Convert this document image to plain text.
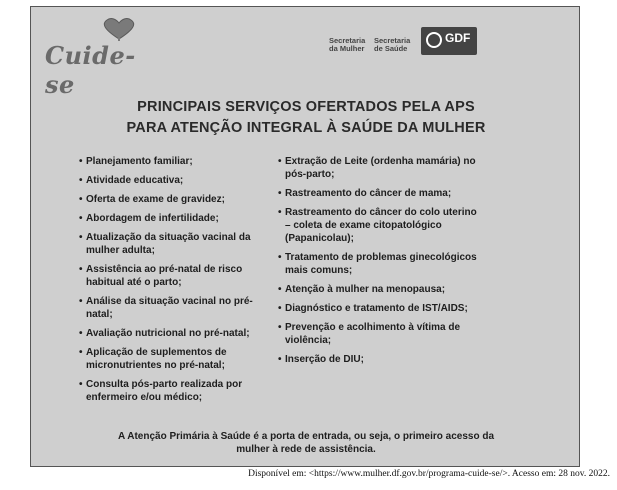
Cuide-se
Secretaria da Mulher
Secretaria de Saúde
GDF
PRINCIPAIS SERVIÇOS OFERTADOS PELA APS
PARA ATENÇÃO INTEGRAL À SAÚDE DA MULHER
• Planejamento familiar;
• Atividade educativa;
• Oferta de exame de gravidez;
• Abordagem de infertilidade;
• Atualização da situação vacinal da mulher adulta;
• Assistência ao pré-natal de risco habitual até o parto;
• Análise da situação vacinal no pré-natal;
• Avaliação nutricional no pré-natal;
• Aplicação de suplementos de micronutrientes no pré-natal;
• Consulta pós-parto realizada por enfermeiro e/ou médico;
• Extração de Leite (ordenha mamária) no pós-parto;
• Rastreamento do câncer de mama;
• Rastreamento do câncer do colo uterino – coleta de exame citopatológico (Papanicolau);
• Tratamento de problemas ginecológicos mais comuns;
• Atenção à mulher na menopausa;
• Diagnóstico e tratamento de IST/AIDS;
• Prevenção e acolhimento à vítima de violência;
• Inserção de DIU;
A Atenção Primária à Saúde é a porta de entrada, ou seja, o primeiro acesso da mulher à rede de assistência.
Disponível em: <https://www.mulher.df.gov.br/programa-cuide-se/>. Acesso em: 28 nov. 2022.
